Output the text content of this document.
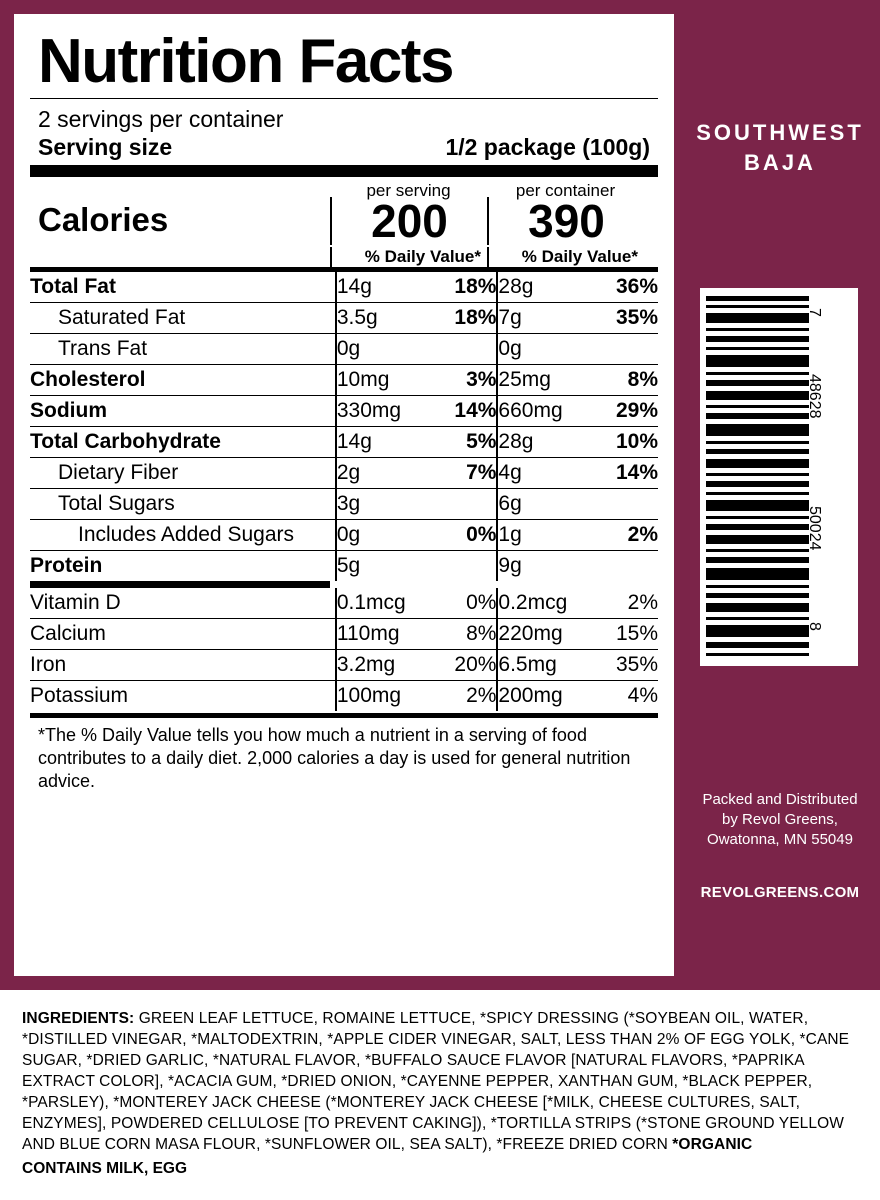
Nutrition Facts
2 servings per container
Serving size	1/2 package (100g)
per serving	per container
Calories	200	390
% Daily Value*	% Daily Value*
Total Fat	14g	18%	28g	36%
Saturated Fat	3.5g	18%	7g	35%
Trans Fat	0g		0g	
Cholesterol	10mg	3%	25mg	8%
Sodium	330mg	14%	660mg	29%
Total Carbohydrate	14g	5%	28g	10%
Dietary Fiber	2g	7%	4g	14%
Total Sugars	3g		6g	
Includes Added Sugars	0g	0%	1g	2%
Protein	5g		9g	
Vitamin D	0.1mcg	0%	0.2mcg	2%
Calcium	110mg	8%	220mg	15%
Iron	3.2mg	20%	6.5mg	35%
Potassium	100mg	2%	200mg	4%
*The % Daily Value tells you how much a nutrient in a serving of food contributes to a daily diet. 2,000 calories a day is used for general nutrition advice.
SOUTHWEST
BAJA
7
48628
50024
8
Packed and Distributed
by Revol Greens,
Owatonna, MN 55049
REVOLGREENS.COM
INGREDIENTS: GREEN LEAF LETTUCE, ROMAINE LETTUCE, *SPICY DRESSING (*SOYBEAN OIL, WATER, *DISTILLED VINEGAR, *MALTODEXTRIN, *APPLE CIDER VINEGAR, SALT, LESS THAN 2% OF EGG YOLK, *CANE SUGAR, *DRIED GARLIC, *NATURAL FLAVOR, *BUFFALO SAUCE FLAVOR [NATURAL FLAVORS, *PAPRIKA EXTRACT COLOR], *ACACIA GUM, *DRIED ONION, *CAYENNE PEPPER, XANTHAN GUM, *BLACK PEPPER, *PARSLEY), *MONTEREY JACK CHEESE (*MONTEREY JACK CHEESE [*MILK, CHEESE CULTURES, SALT, ENZYMES], POWDERED CELLULOSE [TO PREVENT CAKING]), *TORTILLA STRIPS (*STONE GROUND YELLOW AND BLUE CORN MASA FLOUR, *SUNFLOWER OIL, SEA SALT), *FREEZE DRIED CORN *ORGANIC
CONTAINS MILK, EGG
